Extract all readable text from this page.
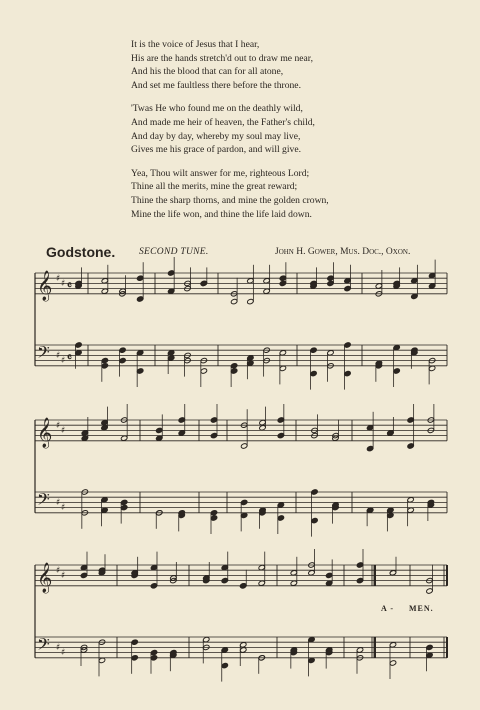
It is the voice of Jesus that I hear,
His are the hands stretch'd out to draw me near,
And his the blood that can for all atone,
And set me faultless there before the throne.
'Twas He who found me on the deathly wild,
And made me heir of heaven, the Father's child,
And day by day, whereby my soul may live,
Gives me his grace of pardon, and will give.
Yea, Thou wilt answer for me, righteous Lord;
Thine all the merits, mine the great reward;
Thine the sharp thorns, and mine the golden crown,
Mine the life won, and thine the life laid down.
Godstone.	SECOND TUNE.	John H. Gower, Mus. Doc., Oxon.
𝄞 ♯ ♯ 𝄴
𝄢 ♯ ♯ 𝄴
𝄞 ♯ ♯
𝄢 ♯ ♯
𝄞 ♯ ♯
𝄢 ♯ ♯
A - MEN.
